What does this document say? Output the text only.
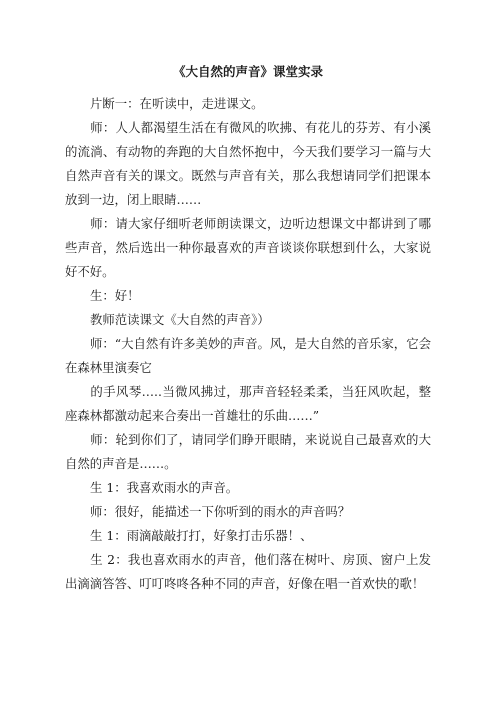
《大自然的声音》课堂实录

片断一：在听读中，走进课文。

师：人人都渴望生活在有微风的吹拂、有花儿的芬芳、有小溪的流淌、有动物的奔跑的大自然怀抱中，今天我们要学习一篇与大自然声音有关的课文。既然与声音有关，那么我想请同学们把课本放到一边，闭上眼睛……

师：请大家仔细听老师朗读课文，边听边想课文中都讲到了哪些声音，然后选出一种你最喜欢的声音谈谈你联想到什么，大家说好不好。

生：好！

教师范读课文《大自然的声音》）

师：“大自然有许多美妙的声音。风，是大自然的音乐家，它会在森林里演奏它

的手风琴…..当微风拂过，那声音轻轻柔柔，当狂风吹起，整座森林都激动起来合奏出一首雄壮的乐曲……”

师：轮到你们了，请同学们睁开眼睛，来说说自己最喜欢的大自然的声音是……。

生 1：我喜欢雨水的声音。

师：很好，能描述一下你听到的雨水的声音吗？

生 1：雨滴敲敲打打，好象打击乐器！、

生 2：我也喜欢雨水的声音，他们落在树叶、房顶、窗户上发出滴滴答答、叮叮咚咚各种不同的声音，好像在唱一首欢快的歌！
